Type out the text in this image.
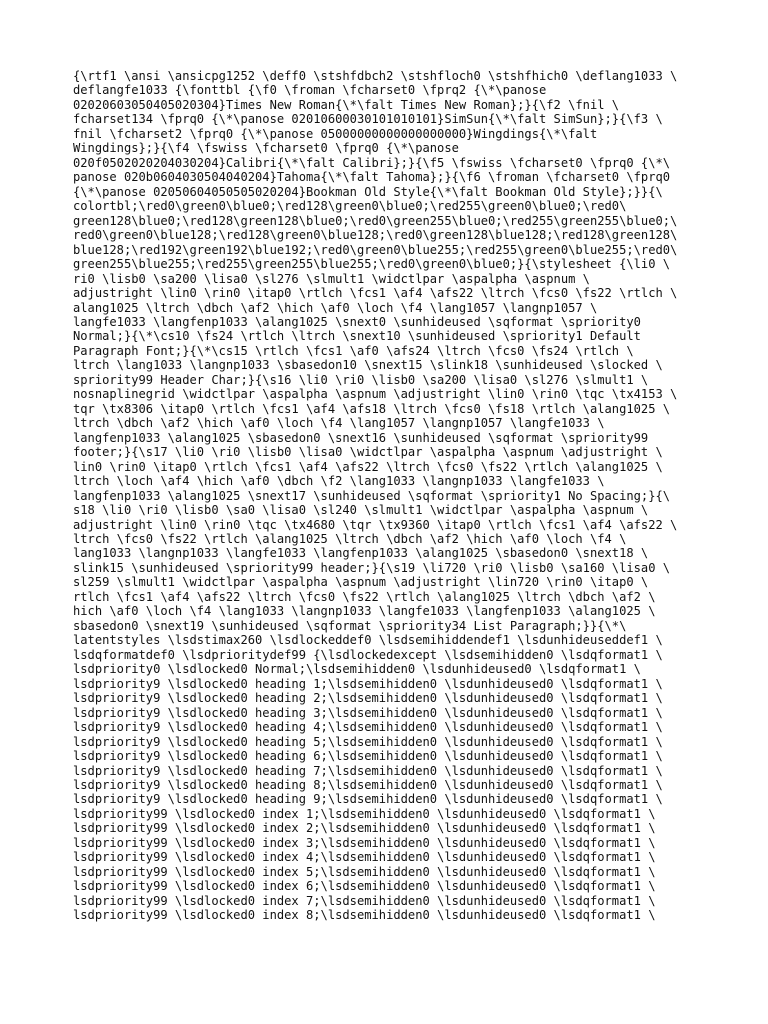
{\rtf1 \ansi \ansicpg1252 \deff0 \stshfdbch2 \stshfloch0 \stshfhich0 \deflang1033 \
deflangfe1033 {\fonttbl {\f0 \froman \fcharset0 \fprq2 {\*\panose
02020603050405020304}Times New Roman{\*\falt Times New Roman};}{\f2 \fnil \
fcharset134 \fprq0 {\*\panose 02010600030101010101}SimSun{\*\falt SimSun};}{\f3 \
fnil \fcharset2 \fprq0 {\*\panose 05000000000000000000}Wingdings{\*\falt
Wingdings};}{\f4 \fswiss \fcharset0 \fprq0 {\*\panose
020f0502020204030204}Calibri{\*\falt Calibri};}{\f5 \fswiss \fcharset0 \fprq0 {\*\
panose 020b0604030504040204}Tahoma{\*\falt Tahoma};}{\f6 \froman \fcharset0 \fprq0
{\*\panose 02050604050505020204}Bookman Old Style{\*\falt Bookman Old Style};}}{\
colortbl;\red0\green0\blue0;\red128\green0\blue0;\red255\green0\blue0;\red0\
green128\blue0;\red128\green128\blue0;\red0\green255\blue0;\red255\green255\blue0;\
red0\green0\blue128;\red128\green0\blue128;\red0\green128\blue128;\red128\green128\
blue128;\red192\green192\blue192;\red0\green0\blue255;\red255\green0\blue255;\red0\
green255\blue255;\red255\green255\blue255;\red0\green0\blue0;}{\stylesheet {\li0 \
ri0 \lisb0 \sa200 \lisa0 \sl276 \slmult1 \widctlpar \aspalpha \aspnum \
adjustright \lin0 \rin0 \itap0 \rtlch \fcs1 \af4 \afs22 \ltrch \fcs0 \fs22 \rtlch \
alang1025 \ltrch \dbch \af2 \hich \af0 \loch \f4 \lang1057 \langnp1057 \
langfe1033 \langfenp1033 \alang1025 \snext0 \sunhideused \sqformat \spriority0
Normal;}{\*\cs10 \fs24 \rtlch \ltrch \snext10 \sunhideused \spriority1 Default
Paragraph Font;}{\*\cs15 \rtlch \fcs1 \af0 \afs24 \ltrch \fcs0 \fs24 \rtlch \
ltrch \lang1033 \langnp1033 \sbasedon10 \snext15 \slink18 \sunhideused \slocked \
spriority99 Header Char;}{\s16 \li0 \ri0 \lisb0 \sa200 \lisa0 \sl276 \slmult1 \
nosnaplinegrid \widctlpar \aspalpha \aspnum \adjustright \lin0 \rin0 \tqc \tx4153 \
tqr \tx8306 \itap0 \rtlch \fcs1 \af4 \afs18 \ltrch \fcs0 \fs18 \rtlch \alang1025 \
ltrch \dbch \af2 \hich \af0 \loch \f4 \lang1057 \langnp1057 \langfe1033 \
langfenp1033 \alang1025 \sbasedon0 \snext16 \sunhideused \sqformat \spriority99
footer;}{\s17 \li0 \ri0 \lisb0 \lisa0 \widctlpar \aspalpha \aspnum \adjustright \
lin0 \rin0 \itap0 \rtlch \fcs1 \af4 \afs22 \ltrch \fcs0 \fs22 \rtlch \alang1025 \
ltrch \loch \af4 \hich \af0 \dbch \f2 \lang1033 \langnp1033 \langfe1033 \
langfenp1033 \alang1025 \snext17 \sunhideused \sqformat \spriority1 No Spacing;}{\
s18 \li0 \ri0 \lisb0 \sa0 \lisa0 \sl240 \slmult1 \widctlpar \aspalpha \aspnum \
adjustright \lin0 \rin0 \tqc \tx4680 \tqr \tx9360 \itap0 \rtlch \fcs1 \af4 \afs22 \
ltrch \fcs0 \fs22 \rtlch \alang1025 \ltrch \dbch \af2 \hich \af0 \loch \f4 \
lang1033 \langnp1033 \langfe1033 \langfenp1033 \alang1025 \sbasedon0 \snext18 \
slink15 \sunhideused \spriority99 header;}{\s19 \li720 \ri0 \lisb0 \sa160 \lisa0 \
sl259 \slmult1 \widctlpar \aspalpha \aspnum \adjustright \lin720 \rin0 \itap0 \
rtlch \fcs1 \af4 \afs22 \ltrch \fcs0 \fs22 \rtlch \alang1025 \ltrch \dbch \af2 \
hich \af0 \loch \f4 \lang1033 \langnp1033 \langfe1033 \langfenp1033 \alang1025 \
sbasedon0 \snext19 \sunhideused \sqformat \spriority34 List Paragraph;}}{\*\
latentstyles \lsdstimax260 \lsdlockeddef0 \lsdsemihiddendef1 \lsdunhideuseddef1 \
lsdqformatdef0 \lsdprioritydef99 {\lsdlockedexcept \lsdsemihidden0 \lsdqformat1 \
lsdpriority0 \lsdlocked0 Normal;\lsdsemihidden0 \lsdunhideused0 \lsdqformat1 \
lsdpriority9 \lsdlocked0 heading 1;\lsdsemihidden0 \lsdunhideused0 \lsdqformat1 \
lsdpriority9 \lsdlocked0 heading 2;\lsdsemihidden0 \lsdunhideused0 \lsdqformat1 \
lsdpriority9 \lsdlocked0 heading 3;\lsdsemihidden0 \lsdunhideused0 \lsdqformat1 \
lsdpriority9 \lsdlocked0 heading 4;\lsdsemihidden0 \lsdunhideused0 \lsdqformat1 \
lsdpriority9 \lsdlocked0 heading 5;\lsdsemihidden0 \lsdunhideused0 \lsdqformat1 \
lsdpriority9 \lsdlocked0 heading 6;\lsdsemihidden0 \lsdunhideused0 \lsdqformat1 \
lsdpriority9 \lsdlocked0 heading 7;\lsdsemihidden0 \lsdunhideused0 \lsdqformat1 \
lsdpriority9 \lsdlocked0 heading 8;\lsdsemihidden0 \lsdunhideused0 \lsdqformat1 \
lsdpriority9 \lsdlocked0 heading 9;\lsdsemihidden0 \lsdunhideused0 \lsdqformat1 \
lsdpriority99 \lsdlocked0 index 1;\lsdsemihidden0 \lsdunhideused0 \lsdqformat1 \
lsdpriority99 \lsdlocked0 index 2;\lsdsemihidden0 \lsdunhideused0 \lsdqformat1 \
lsdpriority99 \lsdlocked0 index 3;\lsdsemihidden0 \lsdunhideused0 \lsdqformat1 \
lsdpriority99 \lsdlocked0 index 4;\lsdsemihidden0 \lsdunhideused0 \lsdqformat1 \
lsdpriority99 \lsdlocked0 index 5;\lsdsemihidden0 \lsdunhideused0 \lsdqformat1 \
lsdpriority99 \lsdlocked0 index 6;\lsdsemihidden0 \lsdunhideused0 \lsdqformat1 \
lsdpriority99 \lsdlocked0 index 7;\lsdsemihidden0 \lsdunhideused0 \lsdqformat1 \
lsdpriority99 \lsdlocked0 index 8;\lsdsemihidden0 \lsdunhideused0 \lsdqformat1 \
